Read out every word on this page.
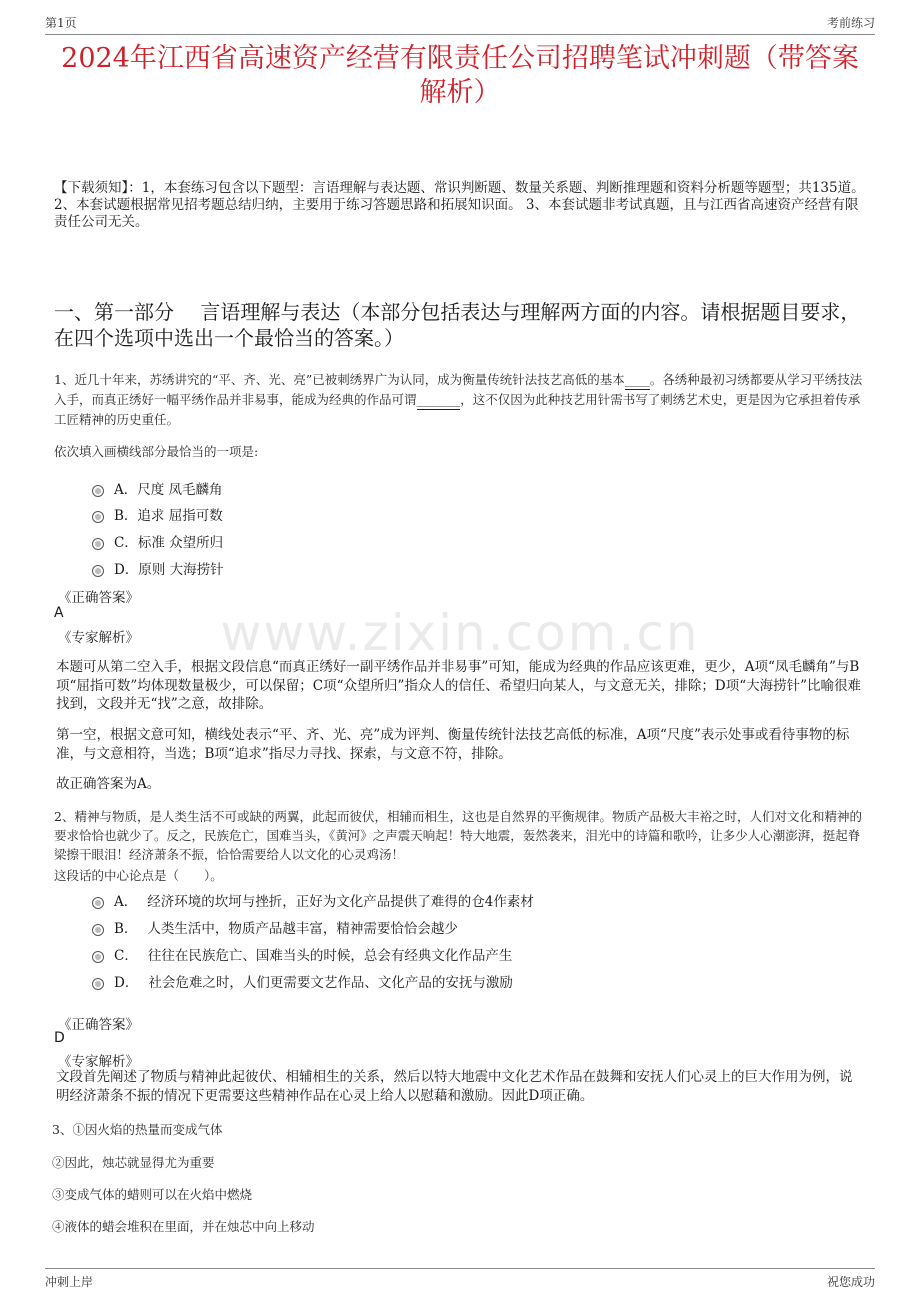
第1页	考前练习
2024年江西省高速资产经营有限责任公司招聘笔试冲刺题（带答案解析）
【下载须知】：1，本套练习包含以下题型：言语理解与表达题、常识判断题、数量关系题、判断推理题和资料分析题等题型；共135道。 2、本套试题根据常见招考题总结归纳，主要用于练习答题思路和拓展知识面。 3、本套试题非考试真题，且与江西省高速资产经营有限责任公司无关。
一、第一部分　 言语理解与表达（本部分包括表达与理解两方面的内容。请根据题目要求，在四个选项中选出一个最恰当的答案。）
1、近几十年来，苏绣讲究的“平、齐、光、亮”已被刺绣界广为认同，成为衡量传统针法技艺高低的基本____。各绣种最初习绣都要从学习平绣技法入手，而真正绣好一幅平绣作品并非易事，能成为经典的作品可谓_______，这不仅因为此种技艺用针需书写了刺绣艺术史，更是因为它承担着传承工匠精神的历史重任。
依次填入画横线部分最恰当的一项是:
A．尺度 凤毛麟角
B．追求 屈指可数
C．标准 众望所归
D．原则 大海捞针
《正确答案》
A
《专家解析》	www.zixin.com.cn
本题可从第二空入手，根据文段信息“而真正绣好一副平绣作品并非易事”可知，能成为经典的作品应该更难，更少，A项“凤毛麟角”与B项“屈指可数”均体现数量极少，可以保留；C项“众望所归”指众人的信任、希望归向某人，与文意无关，排除；D项“大海捞针”比喻很难找到，文段并无“找”之意，故排除。
第一空，根据文意可知，横线处表示“平、齐、光、亮”成为评判、衡量传统针法技艺高低的标准，A项“尺度”表示处事或看待事物的标准，与文意相符，当选；B项“追求”指尽力寻找、探索，与文意不符，排除。
故正确答案为A。
2、精神与物质，是人类生活不可或缺的两翼，此起而彼伏，相辅而相生，这也是自然界的平衡规律。物质产品极大丰裕之时，人们对文化和精神的要求恰恰也就少了。反之，民族危亡，国难当头，《黄河》之声震天响起！特大地震，轰然袭来，泪光中的诗篇和歌吟，让多少人心潮澎湃，挺起脊梁擦干眼泪！经济萧条不振，恰恰需要给人以文化的心灵鸡汤！
这段话的中心论点是（　　）。
A． 经济环境的坎坷与挫折，正好为文化产品提供了难得的仓4作素材
B． 人类生活中，物质产品越丰富，精神需要恰恰会越少
C． 往往在民族危亡、国难当头的时候，总会有经典文化作品产生
D． 社会危难之时，人们更需要文艺作品、文化产品的安抚与激励
《正确答案》
D
《专家解析》
文段首先阐述了物质与精神此起彼伏、相辅相生的关系，然后以特大地震中文化艺术作品在鼓舞和安抚人们心灵上的巨大作用为例，说明经济萧条不振的情况下更需要这些精神作品在心灵上给人以慰藉和激励。因此D项正确。
3、①因火焰的热量而变成气体
②因此，烛芯就显得尤为重要
③变成气体的蜡则可以在火焰中燃烧
④液体的蜡会堆积在里面，并在烛芯中向上移动
冲刺上岸	祝您成功
